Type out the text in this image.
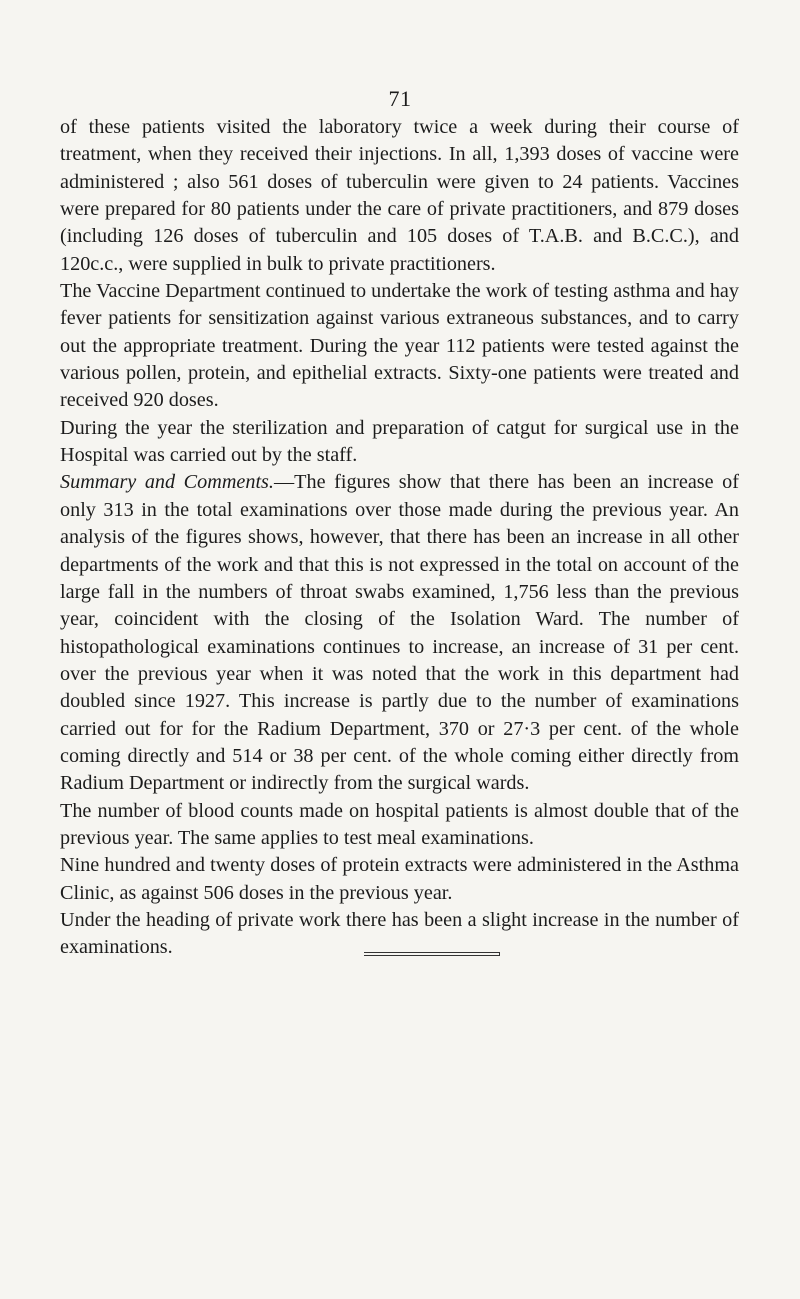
71

of these patients visited the laboratory twice a week during their course of treatment, when they received their injections. In all, 1,393 doses of vaccine were administered ; also 561 doses of tuberculin were given to 24 patients. Vaccines were prepared for 80 patients under the care of private practitioners, and 879 doses (including 126 doses of tuberculin and 105 doses of T.A.B. and B.C.C.), and 120c.c., were supplied in bulk to private practitioners.

The Vaccine Department continued to undertake the work of testing asthma and hay fever patients for sensitization against various extraneous substances, and to carry out the appropriate treatment. During the year 112 patients were tested against the various pollen, protein, and epithelial extracts. Sixty-one patients were treated and received 920 doses.

During the year the sterilization and preparation of catgut for surgical use in the Hospital was carried out by the staff.

Summary and Comments.—The figures show that there has been an increase of only 313 in the total examinations over those made during the previous year. An analysis of the figures shows, however, that there has been an increase in all other departments of the work and that this is not expressed in the total on account of the large fall in the numbers of throat swabs examined, 1,756 less than the previous year, coincident with the closing of the Isolation Ward. The number of histopathological examinations continues to increase, an increase of 31 per cent. over the previous year when it was noted that the work in this department had doubled since 1927. This increase is partly due to the number of examinations carried out for for the Radium Department, 370 or 27·3 per cent. of the whole coming directly and 514 or 38 per cent. of the whole coming either directly from Radium Department or indirectly from the surgical wards.

The number of blood counts made on hospital patients is almost double that of the previous year. The same applies to test meal examinations.

Nine hundred and twenty doses of protein extracts were administered in the Asthma Clinic, as against 506 doses in the previous year.

Under the heading of private work there has been a slight increase in the number of examinations.
